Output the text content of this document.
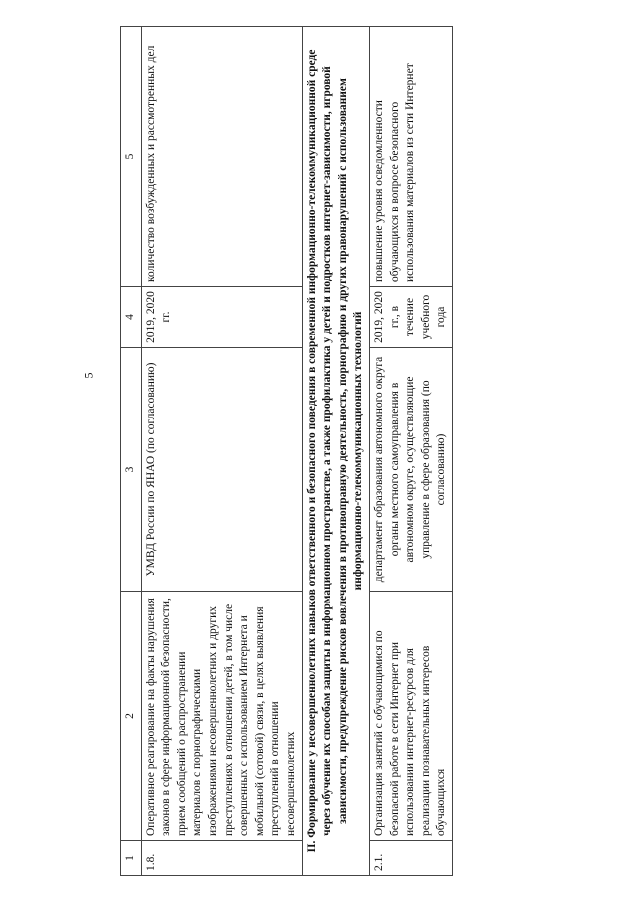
5
1	2	3	4	5
1.8.	Оперативное реагирование на факты нарушения законов в сфере информационной безопасности, прием сообщений о распространении материалов с порнографическими изображениями несовершеннолетних и других преступлениях в отношении детей, в том числе совершенных с использованием Интернета и мобильной (сотовой) связи, в целях выявления преступлений в отношении несовершеннолетних	УМВД России по ЯНАО (по согласованию)	2019, 2020 гг.	количество возбужденных и рассмотренных дел
II. Формирование у несовершеннолетних навыков ответственного и безопасного поведения в современной информационно-телекоммуникационной среде через обучение их способам защиты в информационном пространстве, а также профилактика у детей и подростков интернет-зависимости, игровой зависимости, предупреждение рисков вовлечения в противоправную деятельность, порнографию и других правонарушений с использованием информационно-телекоммуникационных технологий				
2.1.	Организация занятий с обучающимися по безопасной работе в сети Интернет при использовании интернет-ресурсов для реализации познавательных интересов обучающихся	департамент образования автономного округа органы местного самоуправления в автономном округе, осуществляющие управление в сфере образования (по согласованию)	2019, 2020 гг., в течение учебного года	повышение уровня осведомленности обучающихся в вопросе безопасного использования материалов из сети Интернет
